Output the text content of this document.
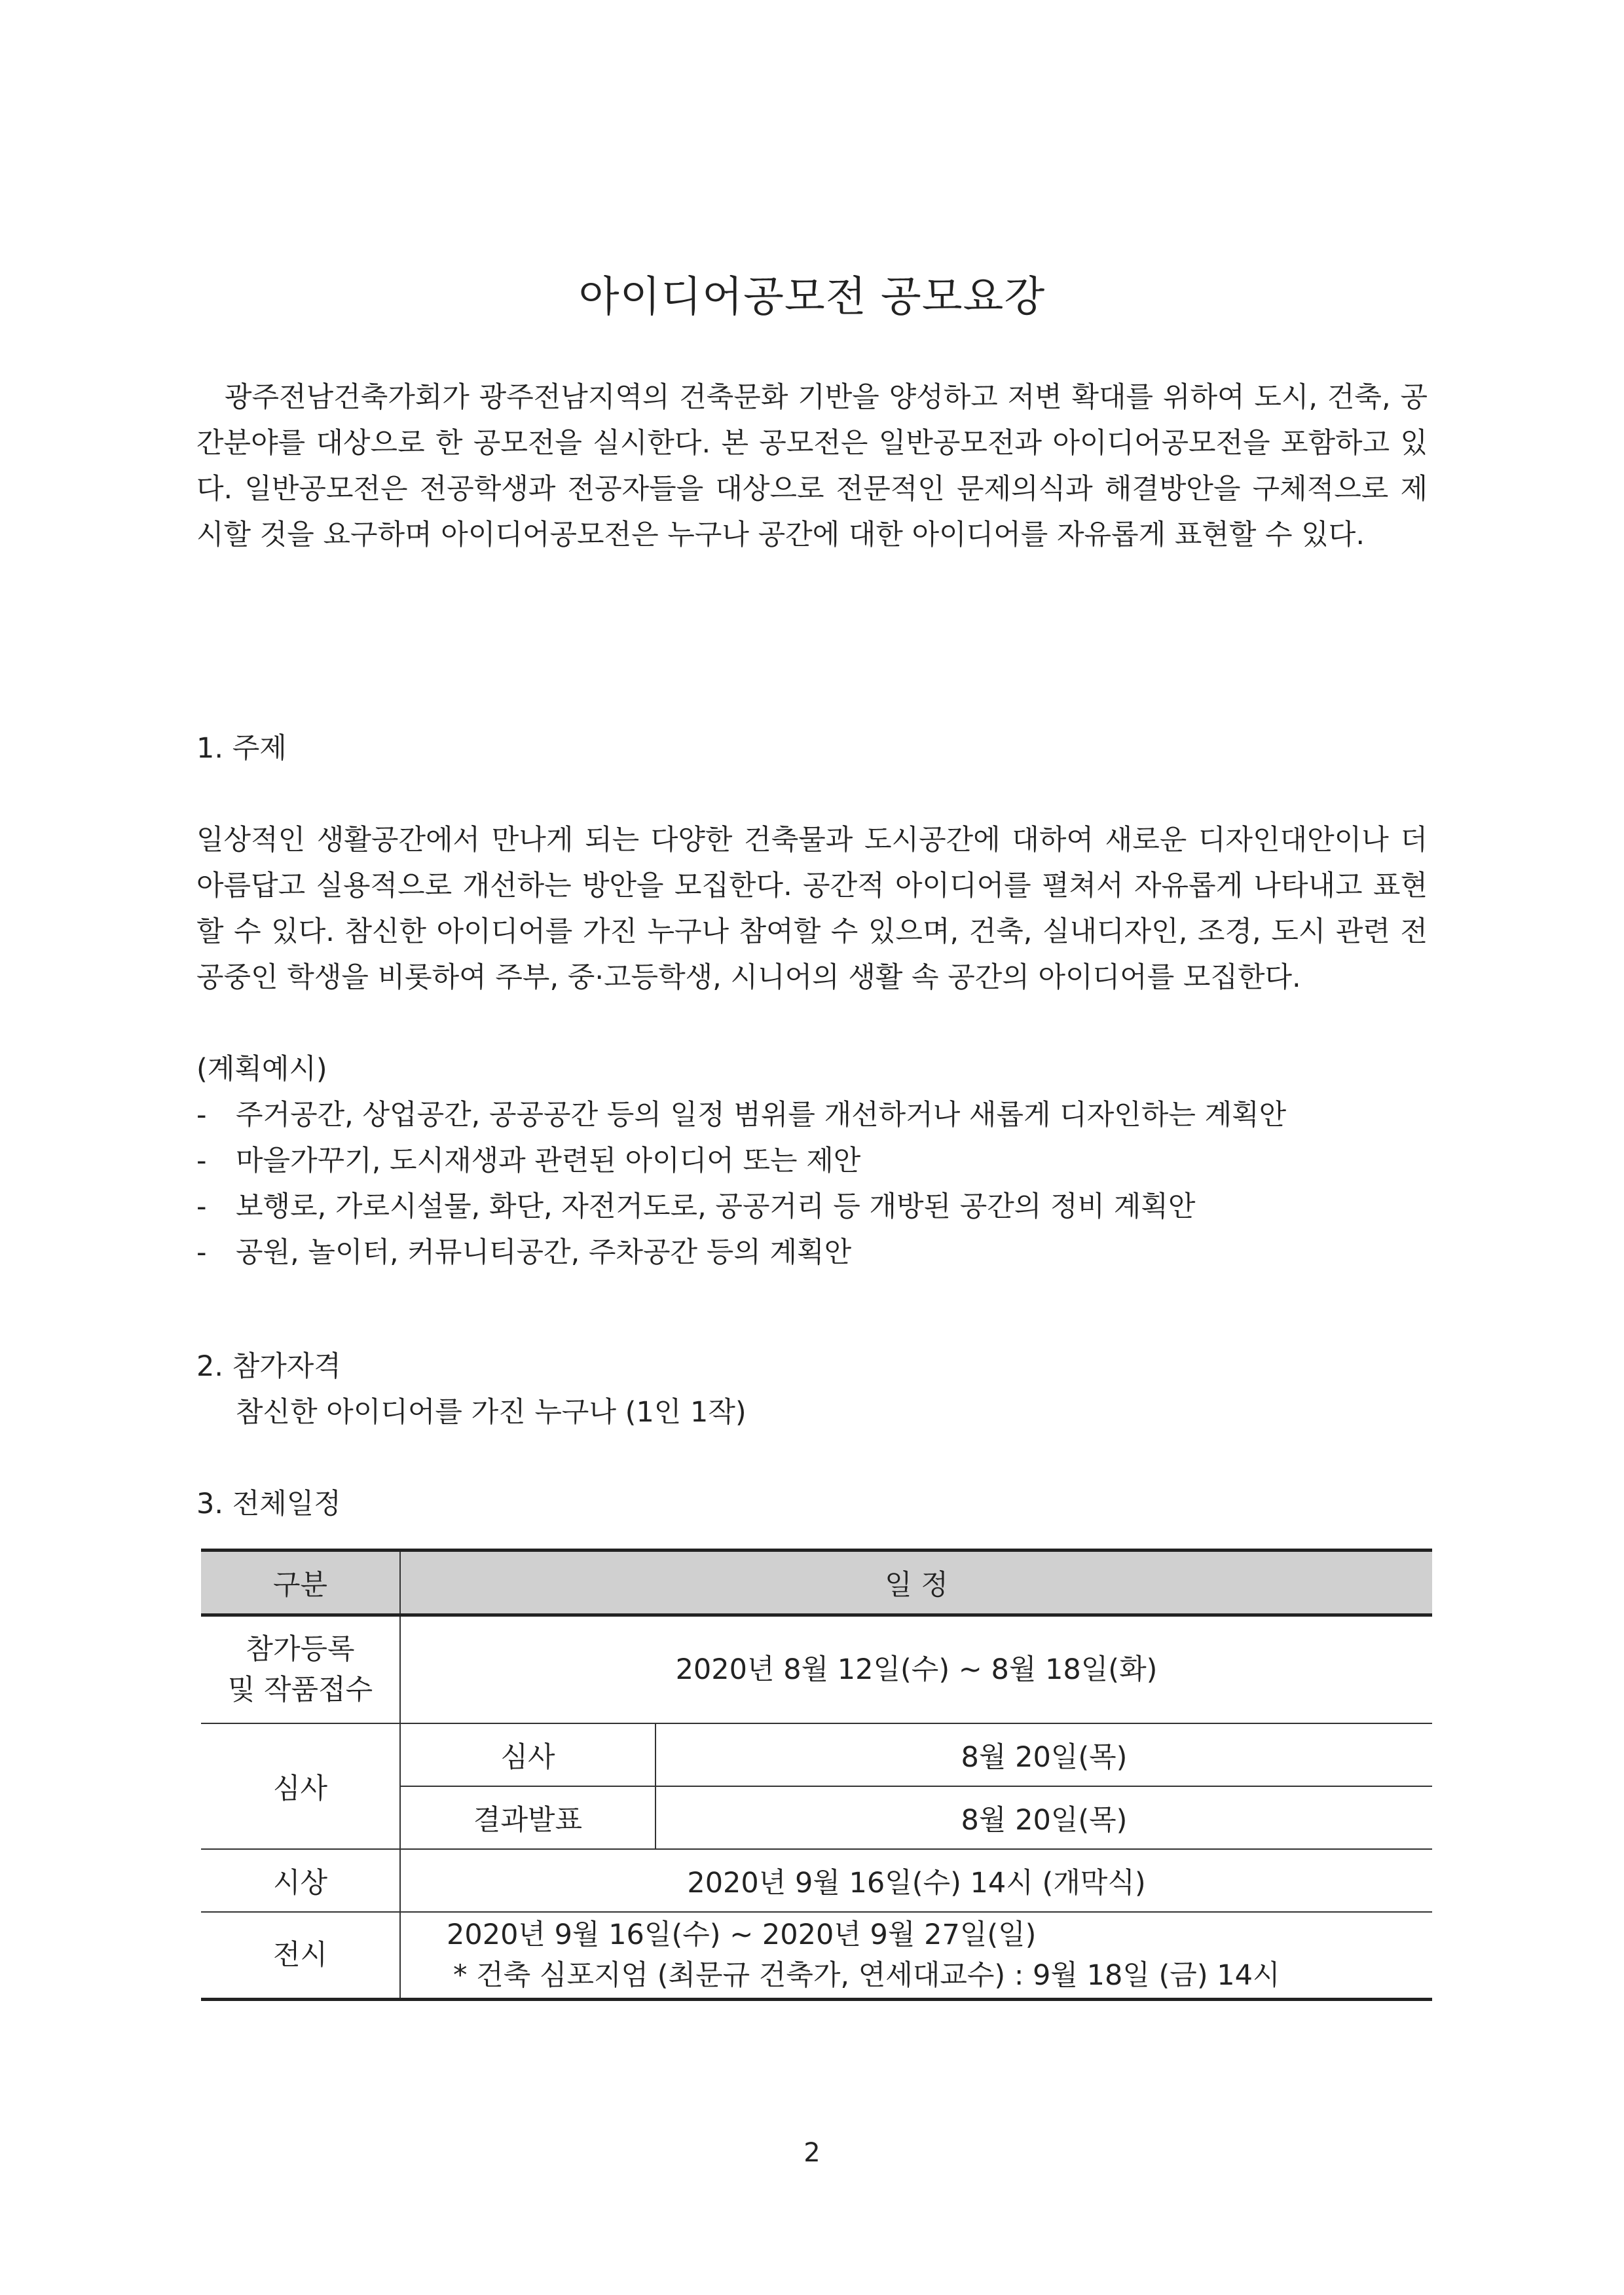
아이디어공모전 공모요강

광주전남건축가회가 광주전남지역의 건축문화 기반을 양성하고 저변 확대를 위하여 도시, 건축, 공간분야를 대상으로 한 공모전을 실시한다. 본 공모전은 일반공모전과 아이디어공모전을 포함하고 있다. 일반공모전은 전공학생과 전공자들을 대상으로 전문적인 문제의식과 해결방안을 구체적으로 제시할 것을 요구하며 아이디어공모전은 누구나 공간에 대한 아이디어를 자유롭게 표현할 수 있다.

1. 주제

일상적인 생활공간에서 만나게 되는 다양한 건축물과 도시공간에 대하여 새로운 디자인대안이나 더 아름답고 실용적으로 개선하는 방안을 모집한다. 공간적 아이디어를 펼쳐서 자유롭게 나타내고 표현할 수 있다. 참신한 아이디어를 가진 누구나 참여할 수 있으며, 건축, 실내디자인, 조경, 도시 관련 전공중인 학생을 비롯하여 주부, 중·고등학생, 시니어의 생활 속 공간의 아이디어를 모집한다.

(계획예시)
- 주거공간, 상업공간, 공공공간 등의 일정 범위를 개선하거나 새롭게 디자인하는 계획안
- 마을가꾸기, 도시재생과 관련된 아이디어 또는 제안
- 보행로, 가로시설물, 화단, 자전거도로, 공공거리 등 개방된 공간의 정비 계획안
- 공원, 놀이터, 커뮤니티공간, 주차공간 등의 계획안
2. 참가자격
참신한 아이디어를 가진 누구나 (1인 1작)
3. 전체일정
구분	일 정	
참가등록
및 작품접수	2020년 8월 12일(수) ~ 8월 18일(화)	
심사	심사	8월 20일(목)
	결과발표	8월 20일(목)
시상	2020년 9월 16일(수) 14시 (개막식)	
전시	2020년 9월 16일(수) ~ 2020년 9월 27일(일)
* 건축 심포지엄 (최문규 건축가, 연세대교수) : 9월 18일 (금) 14시	
2
